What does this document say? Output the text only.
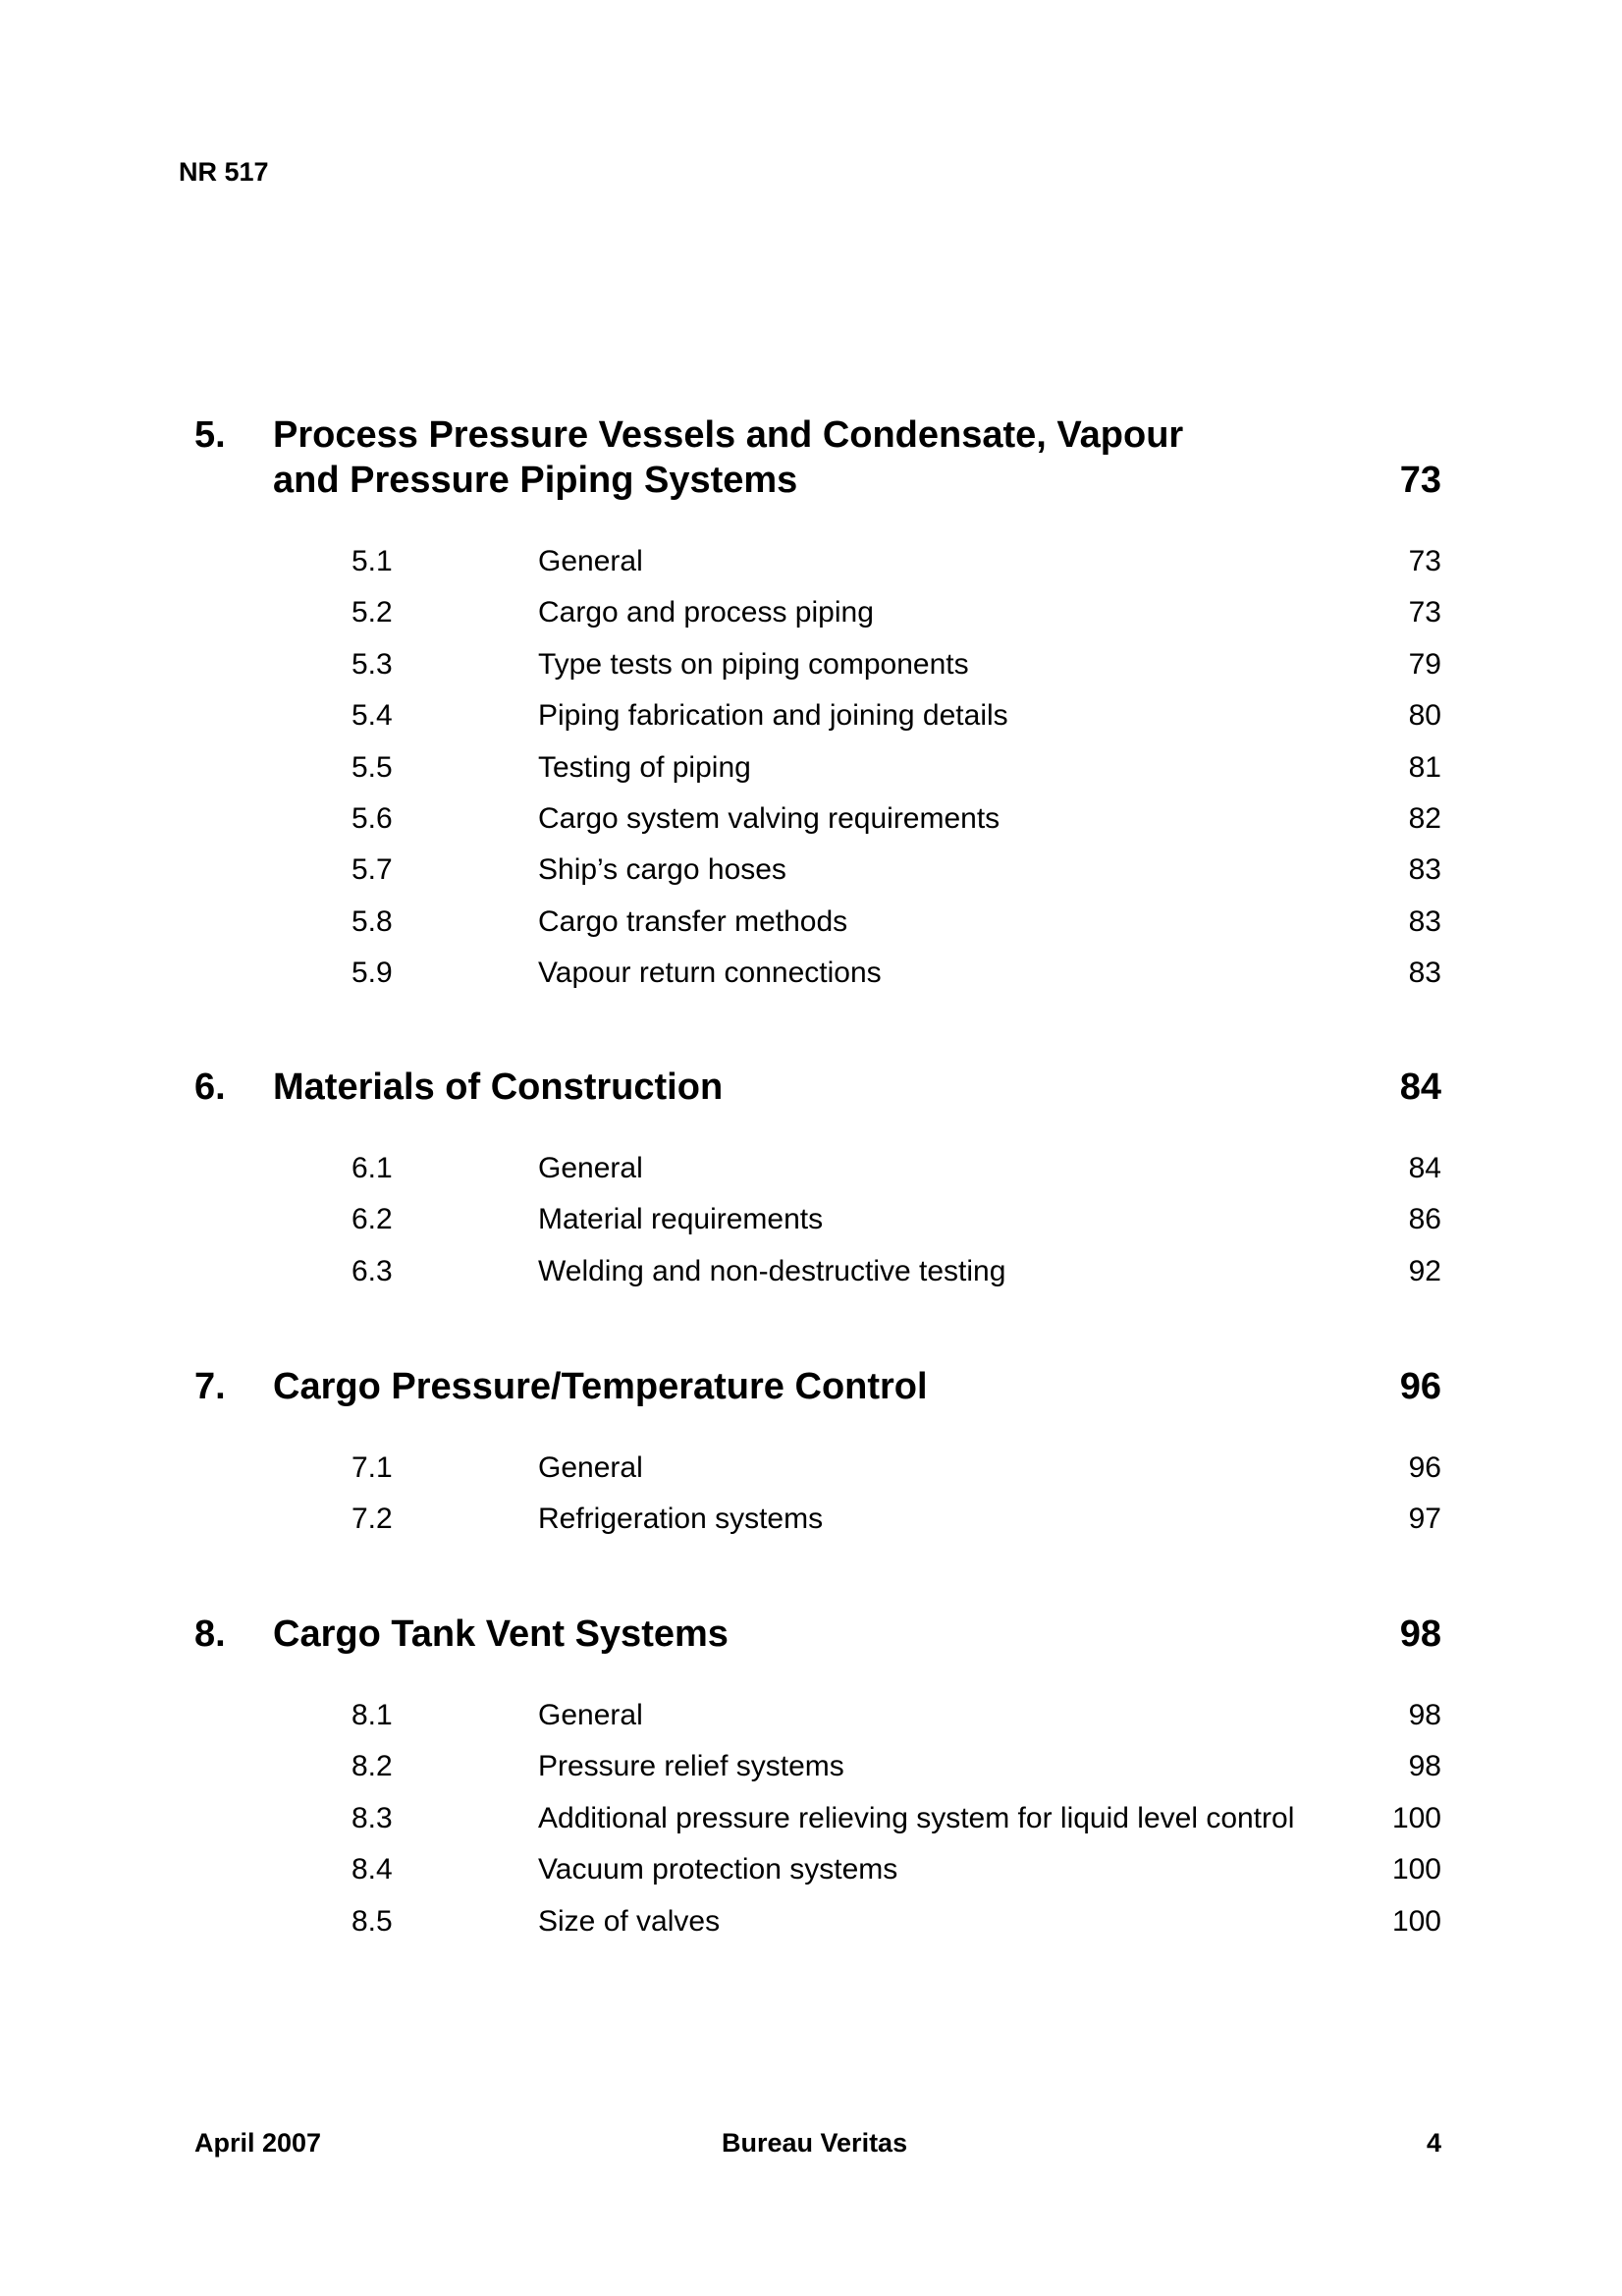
NR 517
5. Process Pressure Vessels and Condensate, Vapour and Pressure Piping Systems	73
5.1	General	73
5.2	Cargo and process piping	73
5.3	Type tests on piping components	79
5.4	Piping fabrication and joining details	80
5.5	Testing of piping	81
5.6	Cargo system valving requirements	82
5.7	Ship’s cargo hoses	83
5.8	Cargo transfer methods	83
5.9	Vapour return connections	83
6. Materials of Construction	84
6.1	General	84
6.2	Material requirements	86
6.3	Welding and non-destructive testing	92
7. Cargo Pressure/Temperature Control	96
7.1	General	96
7.2	Refrigeration systems	97
8. Cargo Tank Vent Systems	98
8.1	General	98
8.2	Pressure relief systems	98
8.3	Additional pressure relieving system for liquid level control	100
8.4	Vacuum protection systems	100
8.5	Size of valves	100
April 2007	Bureau Veritas	4
